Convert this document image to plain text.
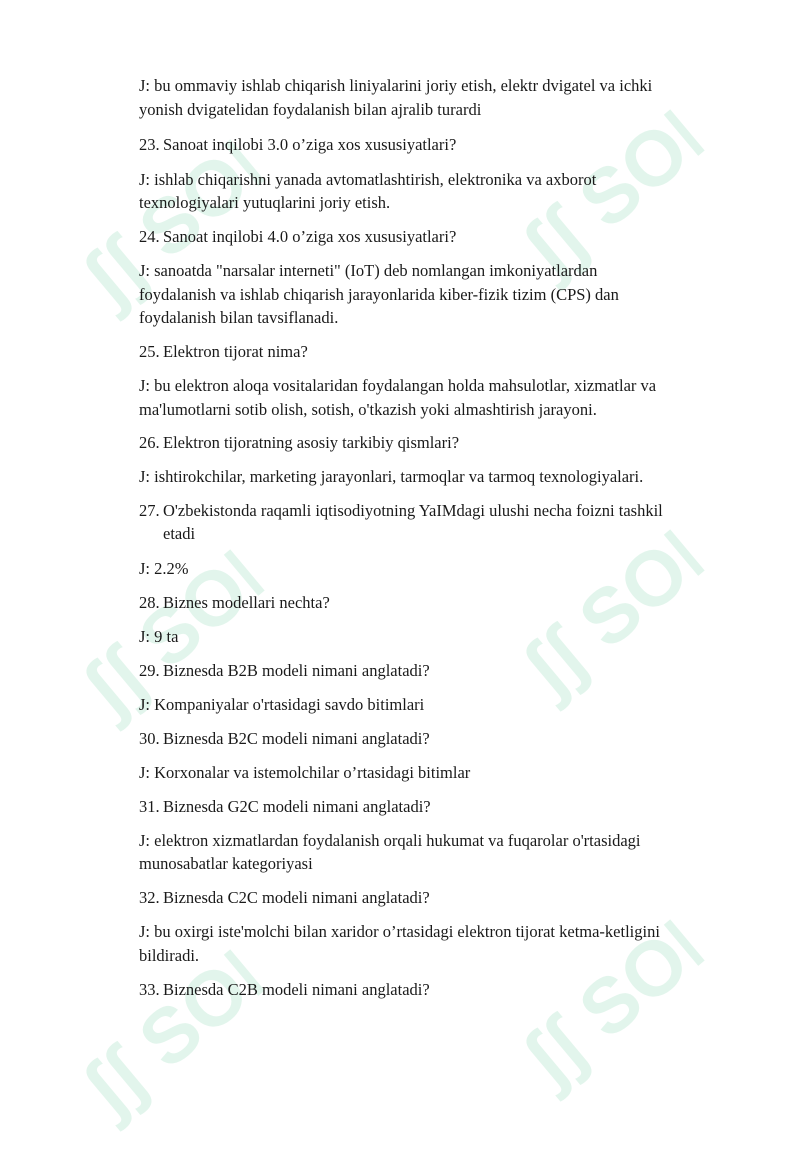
ʃʃ SOFF ʃʃ SOFF
ʃʃ SOFF ʃʃ SOFF
ʃʃ SOFF ʃʃ SOFF
J: bu ommaviy ishlab chiqarish liniyalarini joriy etish, elektr dvigatel va ichki
yonish dvigatelidan foydalanish bilan ajralib turardi
23. Sanoat inqilobi 3.0 o’ziga xos xususiyatlari?
J: ishlab chiqarishni yanada avtomatlashtirish, elektronika va axborot
texnologiyalari yutuqlarini joriy etish.
24. Sanoat inqilobi 4.0 o’ziga xos xususiyatlari?
J: sanoatda "narsalar interneti" (IoT) deb nomlangan imkoniyatlardan
foydalanish va ishlab chiqarish jarayonlarida kiber-fizik tizim (CPS) dan
foydalanish bilan tavsiflanadi.
25. Elektron tijorat nima?
J: bu elektron aloqa vositalaridan foydalangan holda mahsulotlar, xizmatlar va
ma'lumotlarni sotib olish, sotish, o'tkazish yoki almashtirish jarayoni.
26. Elektron tijoratning asosiy tarkibiy qismlari?
J: ishtirokchilar, marketing jarayonlari, tarmoqlar va tarmoq texnologiyalari.
27. O'zbekistonda raqamli iqtisodiyotning YaIMdagi ulushi necha foizni tashkil
etadi
J: 2.2%
28. Biznes modellari nechta?
J: 9 ta
29. Biznesda B2B modeli nimani anglatadi?
J: Kompaniyalar o'rtasidagi savdo bitimlari
30. Biznesda B2C modeli nimani anglatadi?
J: Korxonalar va istemolchilar o’rtasidagi bitimlar
31. Biznesda G2C modeli nimani anglatadi?
J: elektron xizmatlardan foydalanish orqali hukumat va fuqarolar o'rtasidagi
munosabatlar kategoriyasi
32. Biznesda C2C modeli nimani anglatadi?
J: bu oxirgi iste'molchi bilan xaridor o’rtasidagi elektron tijorat ketma-ketligini
bildiradi.
33. Biznesda C2B modeli nimani anglatadi?
